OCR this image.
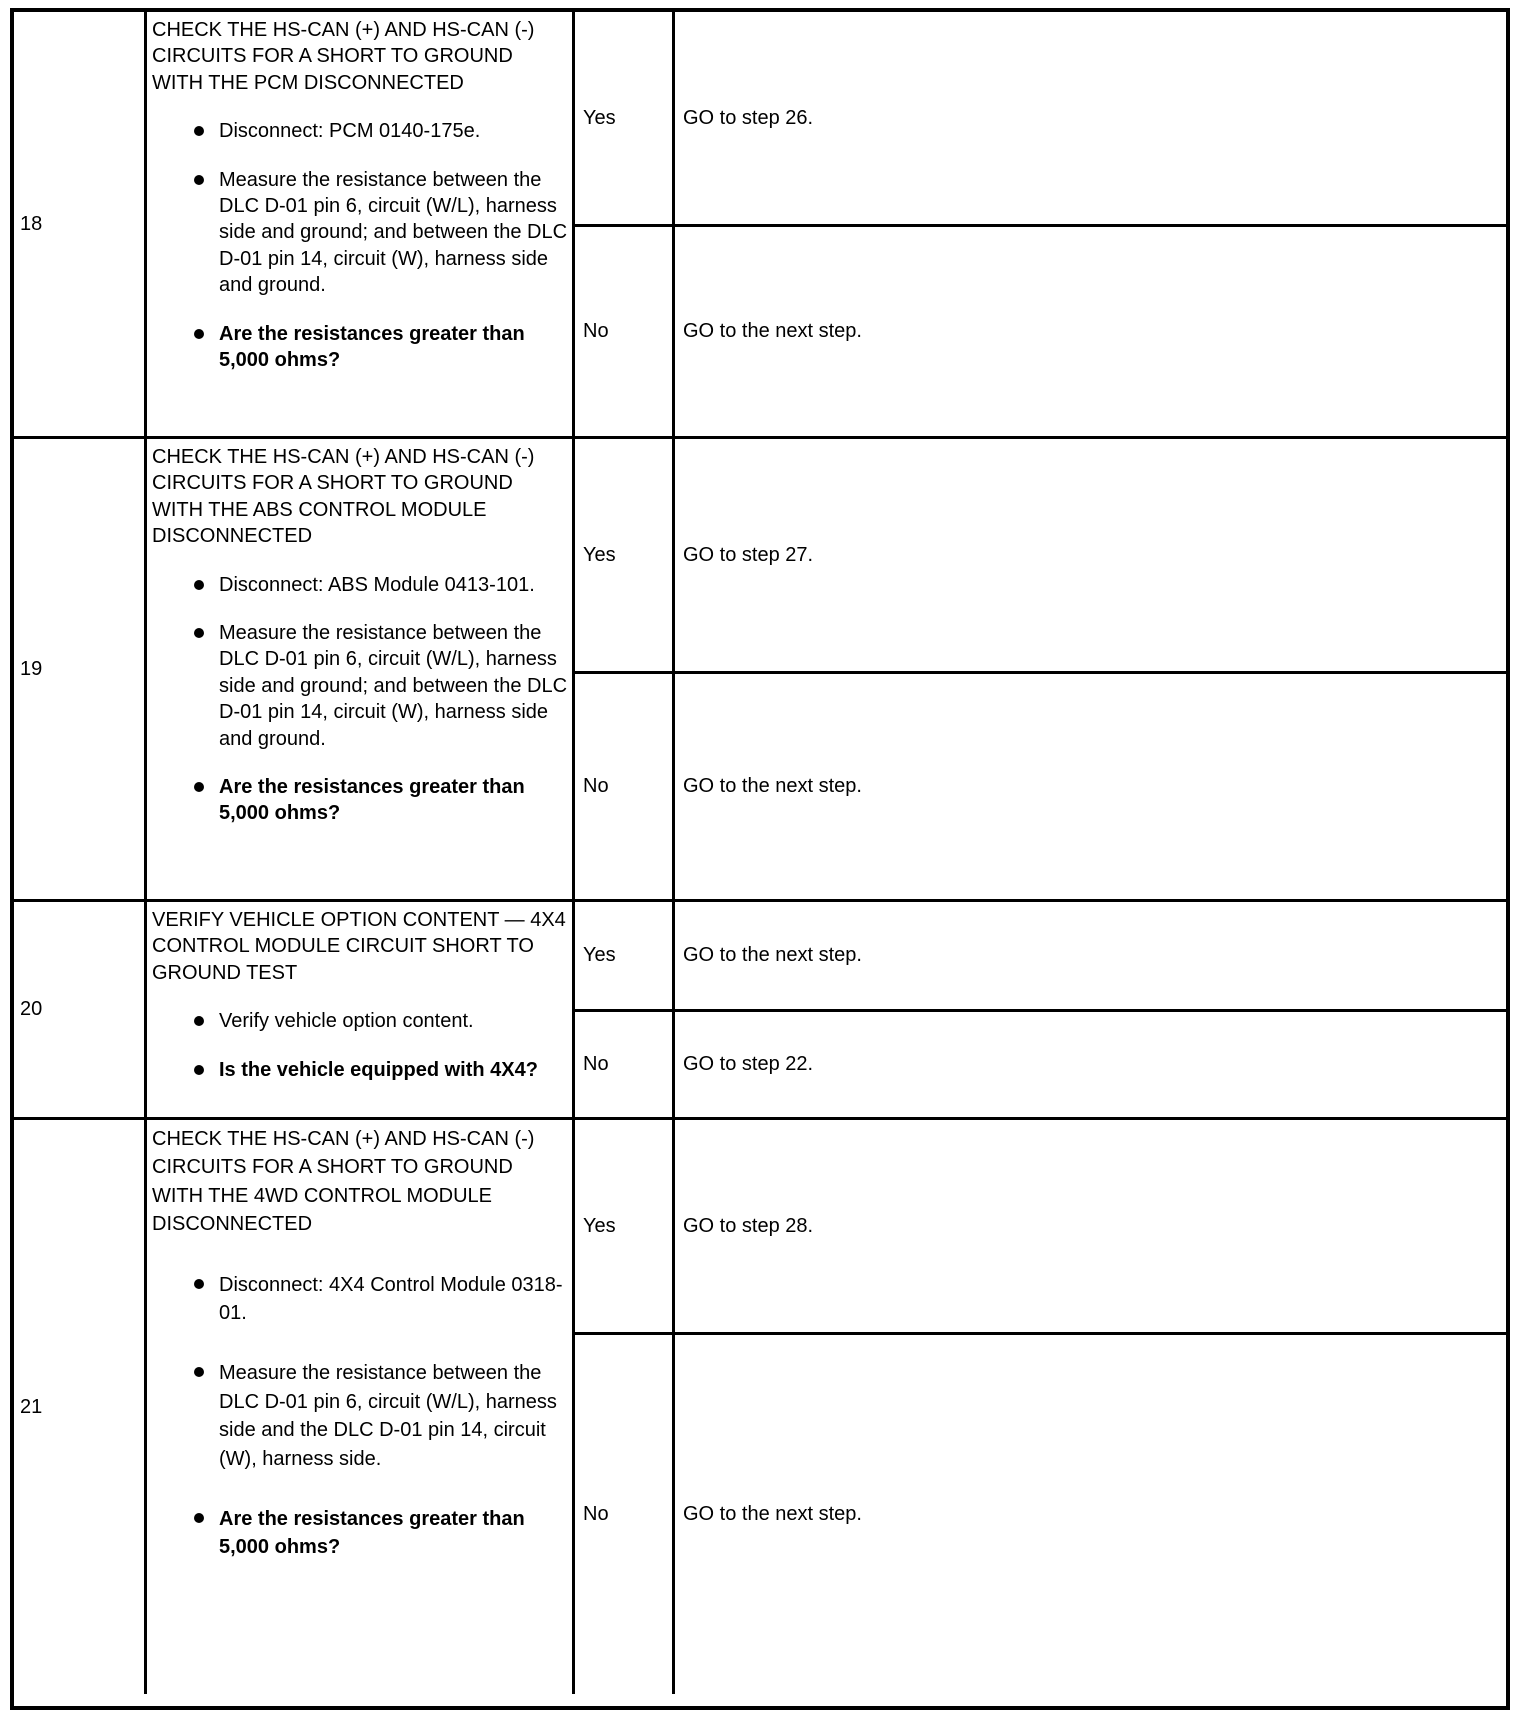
18
CHECK THE HS-CAN (+) AND HS-CAN (-) CIRCUITS FOR A SHORT TO GROUND WITH THE PCM DISCONNECTED
Disconnect: PCM 0140-175e.
Measure the resistance between the DLC D-01 pin 6, circuit (W/L), harness side and ground; and between the DLC D-01 pin 14, circuit (W), harness side and ground.
Are the resistances greater than 5,000 ohms?
Yes	GO to step 26.
No	GO to the next step.
19
CHECK THE HS-CAN (+) AND HS-CAN (-) CIRCUITS FOR A SHORT TO GROUND WITH THE ABS CONTROL MODULE DISCONNECTED
Disconnect: ABS Module 0413-101.
Measure the resistance between the DLC D-01 pin 6, circuit (W/L), harness side and ground; and between the DLC D-01 pin 14, circuit (W), harness side and ground.
Are the resistances greater than 5,000 ohms?
Yes	GO to step 27.
No	GO to the next step.
20
VERIFY VEHICLE OPTION CONTENT — 4X4 CONTROL MODULE CIRCUIT SHORT TO GROUND TEST
Verify vehicle option content.
Is the vehicle equipped with 4X4?
Yes	GO to the next step.
No	GO to step 22.
21
CHECK THE HS-CAN (+) AND HS-CAN (-) CIRCUITS FOR A SHORT TO GROUND WITH THE 4WD CONTROL MODULE DISCONNECTED
Disconnect: 4X4 Control Module 0318-01.
Measure the resistance between the DLC D-01 pin 6, circuit (W/L), harness side and the DLC D-01 pin 14, circuit (W), harness side.
Are the resistances greater than 5,000 ohms?
Yes	GO to step 28.
No	GO to the next step.
